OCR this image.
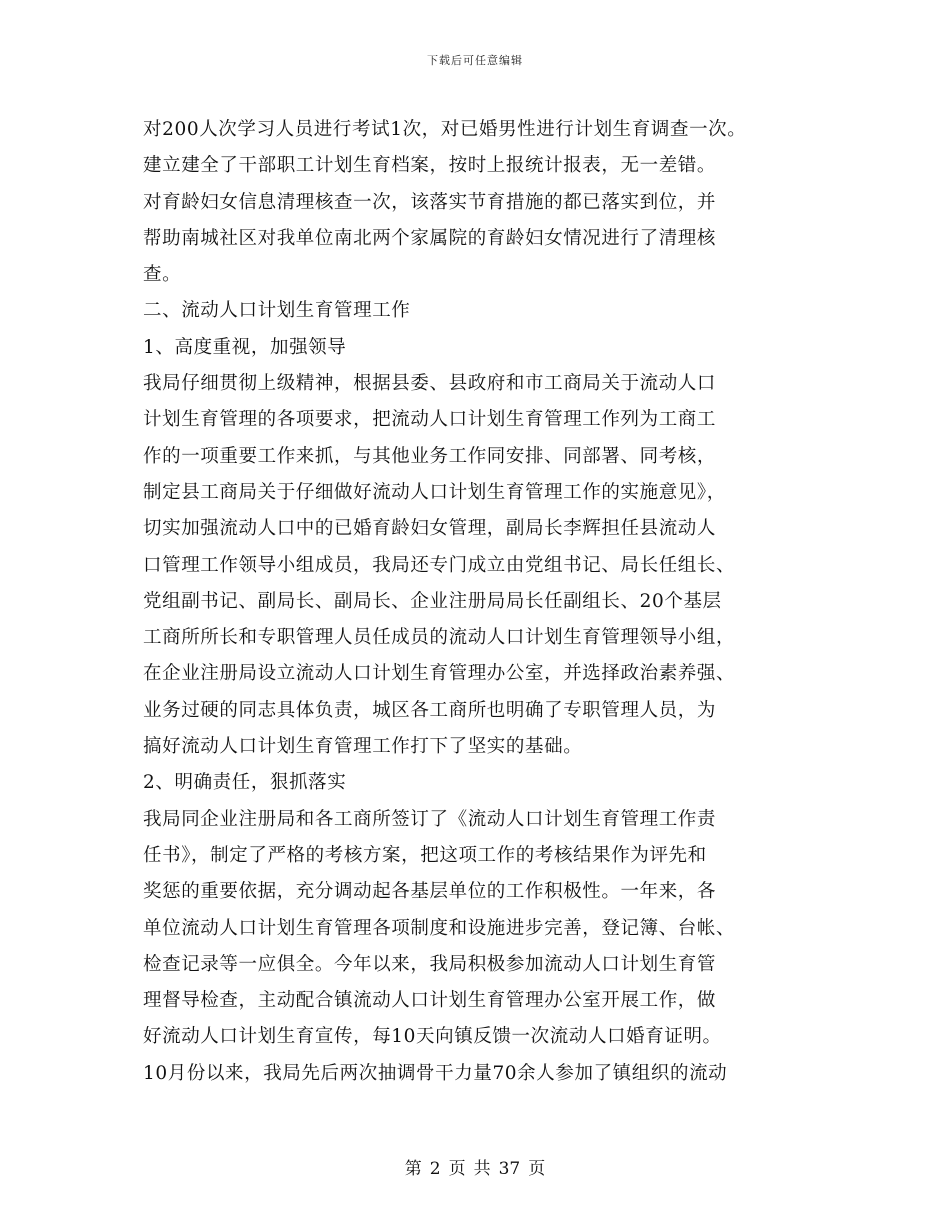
下载后可任意编辑
对200人次学习人员进行考试1次，对已婚男性进行计划生育调查一次。
建立建全了干部职工计划生育档案，按时上报统计报表，无一差错。
对育龄妇女信息清理核查一次，该落实节育措施的都已落实到位，并
帮助南城社区对我单位南北两个家属院的育龄妇女情况进行了清理核
查。
二、流动人口计划生育管理工作
1、高度重视，加强领导
我局仔细贯彻上级精神，根据县委、县政府和市工商局关于流动人口
计划生育管理的各项要求，把流动人口计划生育管理工作列为工商工
作的一项重要工作来抓，与其他业务工作同安排、同部署、同考核，
制定县工商局关于仔细做好流动人口计划生育管理工作的实施意见》，
切实加强流动人口中的已婚育龄妇女管理，副局长李辉担任县流动人
口管理工作领导小组成员，我局还专门成立由党组书记、局长任组长、
党组副书记、副局长、副局长、企业注册局局长任副组长、20个基层
工商所所长和专职管理人员任成员的流动人口计划生育管理领导小组，
在企业注册局设立流动人口计划生育管理办公室，并选择政治素养强、
业务过硬的同志具体负责，城区各工商所也明确了专职管理人员，为
搞好流动人口计划生育管理工作打下了坚实的基础。
2、明确责任，狠抓落实
我局同企业注册局和各工商所签订了《流动人口计划生育管理工作责
任书》，制定了严格的考核方案，把这项工作的考核结果作为评先和
奖惩的重要依据，充分调动起各基层单位的工作积极性。一年来，各
单位流动人口计划生育管理各项制度和设施进步完善，登记簿、台帐、
检查记录等一应俱全。今年以来，我局积极参加流动人口计划生育管
理督导检查，主动配合镇流动人口计划生育管理办公室开展工作，做
好流动人口计划生育宣传，每10天向镇反馈一次流动人口婚育证明。
10月份以来，我局先后两次抽调骨干力量70余人参加了镇组织的流动
第 2 页 共 37 页
